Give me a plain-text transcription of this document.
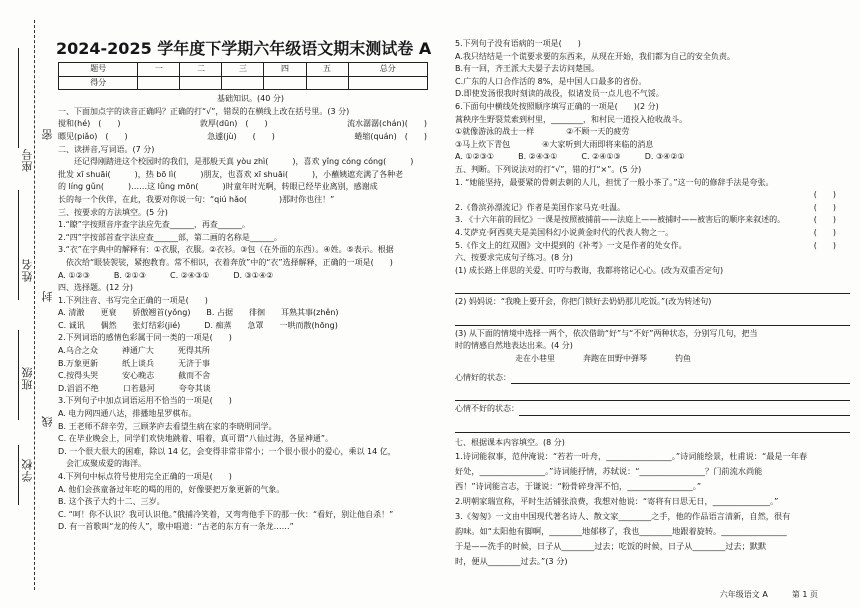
座号
姓名
班级
学校
密
封
线
2024-2025 学年度下学期六年级语文期末测试卷 A
题号	一	二	三	四	五	总分
得分						
基础知识。(40 分)
一、下面加点字的读音正确吗？正确的打“√”，错误的在横线上改在括号里。(3 分)
搅和(hé)　(　　)	敦厚(dūn)　(　　)	流水潺潺(chán)(　　)
瞟见(piǎo)　(　　)	急遽(jù)　　(　　)	蜷缩(quán)　(　　)
二、读拼音,写词语。(7 分)
　　还记得刚踏进这个校园时的我们，是那般天真 yòu zhì(　　　)，喜欢 yǐng cóng cóng(　　　)
批发 xī shuāi(　　　)，热 bō lì(　　　)朋友，也喜欢 xī shuāi(　　　)，小蘸姨遮充满了各种老
的 líng gǔn(　　　)……这 lǜng mōn(　　　)时童年时光啊，转眼已经毕业离别，感谢成
长的每一个伙伴，在此，我要对你说一句：“qiú hǎo(　　　　)那时你也往！”
三、按要求的方法填空。(5 分)
1.“瞭”字按照音序查字法应先查______，再查______。
2.“四”字按部首查字法应查______部，第二画的名称是______。
3.“衣”在字典中的解释有：①衣服，衣服。②衣衫。③包（在外面的东西）。④姓。⑤表示。根据
　依次给“眼装袈裟，紧抱教育。常不相识，衣着奔放”中的“衣”选择解释，正确的一项是(　　)
A. ①②③　　　B. ②①③　　　C. ②④③①　　　D. ③①④②
四、选择题。(12 分)
1.下列注音、书写完全正确的一项是(　　)
A. 清澈　　更衰　　骄傲翘首(yǒng)　　B. 占据　　徘徊　　耳熟其事(zhěn)
C. 诚讯　　偶然　　张灯结彩(jié)　　　D. 痴蒸　　急罩　　一哄而散(hōng)
2.下列词语的感情色彩属于同一类的一项是(　　)
A.乌合之众　　　神通广大　　　死得其所
B.万象更新　　　纸上谈兵　　　无济于事
C.按得头哭　　　安心晚志　　　截而不舍
D.滔滔不绝　　　口若悬河　　　夸夸其谈
3.下列句子中加点词语运用不恰当的一项是(　　)
A. 电力网四通八达，排播地星罗棋布。
B. 王老师不辞辛劳，三顾茅庐去看望生病在家的李晓明同学。
C. 在毕业晚会上，同学们欢快地跳着、唱着，真可谓“八仙过海，各显神通”。
D. 一个很大很大的困难，除以 14 亿，会变得非常非常小；一个很小很小的爱心，乘以 14 亿，
　会汇成聚成爱的海洋。
4.下列句中标点符号使用完全正确的一项是(　　)
A. 他们会孩童备过年吃的喝的用的，好像要把万象更新的气象。
B. 这个孩子大约十二、三岁。
C. “呵！你不认识？我可认识他。”俄捕冷笑着，又弯弯他手下的那一伙：“看好，别让他自杀！”
D. 有一首歌叫“龙的传人”，歌中唱道：“古老的东方有一条龙……”
5.下列句子没有语病的一项是(　　)
A.我只结结是一个谎要求要的东西来，从现在开始，我们都为自己的安全负责。
B.有一回，齐王派大夫晏子去访问楚国。
C.广东的人口合作活的 8%，是中国人口最多的省份。
D.即使发汤很我时刻读的战役，似诸发员一点儿也不气馁。
6.下面句中横线处按照顺序填写正确的一项是(　　)(2 分)
蒿秧序生野裂荒索到村里，________，和村民一道投入抢收战斗。
①就像游泳的战士一样　　　　②不顾一天的疲劳
③马上炊下青包　　　　④大家听到大雨即将来临的消息
A. ①②③①　　　B. ②④③①　　　C. ②④①③　　　D. ③④②①
五、判断。下列说法对的打“√”，错的打“×”。(5 分)
1. “她能坚持，最要紧的骨刺去刺的人儿，担忧了一般小茶了。”这一句的修辞手法是夸张。
(　　)
2.《鲁滨孙漂流记》作者是美国作家马克·吐温。	(　　)
3. 《十六年前的回忆》一课是按照被捕前——法庭上——被捕时——被害后的顺序来叙述的。	(　　)
4.艾萨克·阿西莫夫是美国科幻小说黄金时代的代表人物之一。	(　　)
5.《作文上的红双圈》文中提到的《补考》一文是作者的处女作。	(　　)
六、按要求完成句子练习。(8 分)
(1) 成长路上伴思的关爱、叮咛与教诲，我都将铭记心心。(改为双重否定句)
(2) 妈妈说：“我晚上要开会，你把门锁好去奶奶那儿吃饭。”(改为转述句)
(3) 从下面的情境中选择一两个，依次借助“好”与“不好”两种状态，分别写几句，把当
时的情感自然地表达出来。(4 分)
走在小巷里	奔跑在田野中弹琴	钓鱼
心情好的状态：
心情不好的状态：
七、根据课本内容填空。(8 分)
1.诗词能叙事，范仲淹说：“若若一叶舟，________________。”诗词能绘景，杜甫说：“最是一年春
好处，________________。”诗词能抒情，苏轼说：“________________？门前流水尚能
西！”诗词能言志，于谦说：“粉骨碎身浑不怕，________________。”
2.明朝家瑞宣称，平时生活铺张浪费，我想对他说：“寄将有日思无日，______________。”
3.《匆匆》一文由中国现代著名诗人、散文家________之手，他的作品语言清新，自然，很有
韵味。如“太阳他有脚啊，________地郁移了，我也________地跟着旋转。________________
于是——洗手的时候，日子从________过去；吃饭的时候，日子从________过去；默默
时，便从________过去。”(3 分)
六年级语文 A	第 1 页
